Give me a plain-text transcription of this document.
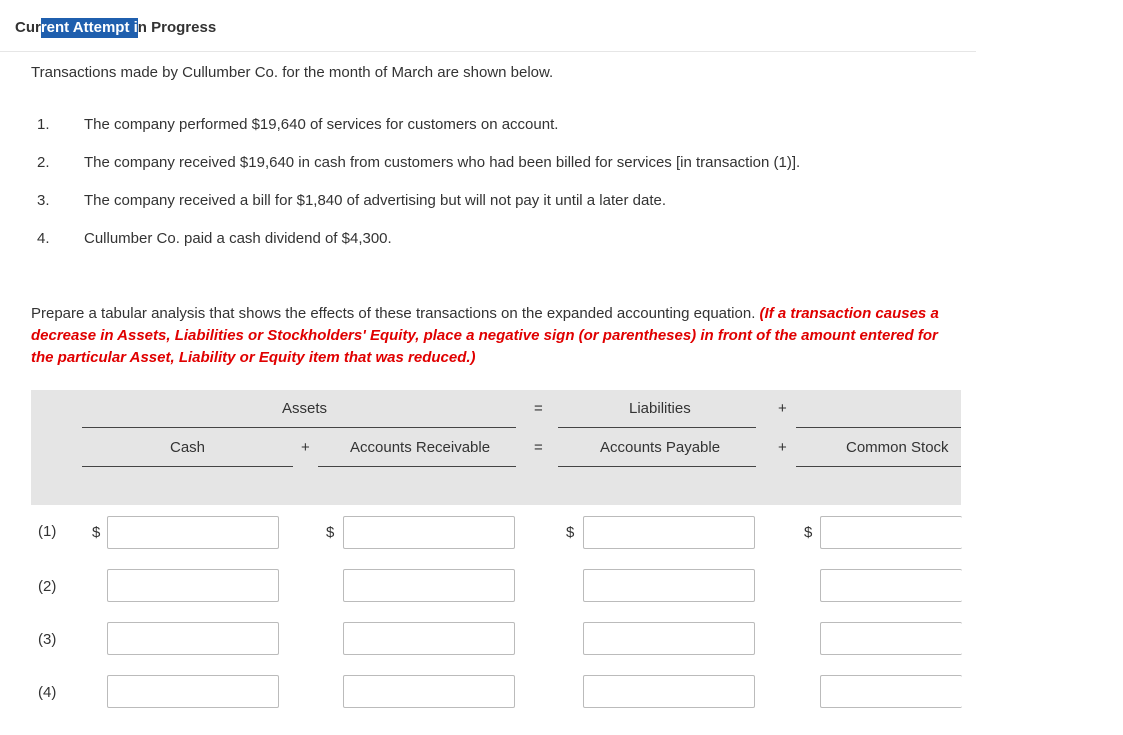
Current Attempt in Progress
Transactions made by Cullumber Co. for the month of March are shown below.
1. The company performed $19,640 of services for customers on account.
2. The company received $19,640 in cash from customers who had been billed for services [in transaction (1)].
3. The company received a bill for $1,840 of advertising but will not pay it until a later date.
4. Cullumber Co. paid a cash dividend of $4,300.
Prepare a tabular analysis that shows the effects of these transactions on the expanded accounting equation. (If a transaction causes a decrease in Assets, Liabilities or Stockholders' Equity, place a negative sign (or parentheses) in front of the amount entered for the particular Asset, Liability or Equity item that was reduced.)
Assets	=	Liabilities	+
Cash	+	Accounts Receivable	=	Accounts Payable	+	Common Stock
(1) $	$	$	$
(2)
(3)
(4)
